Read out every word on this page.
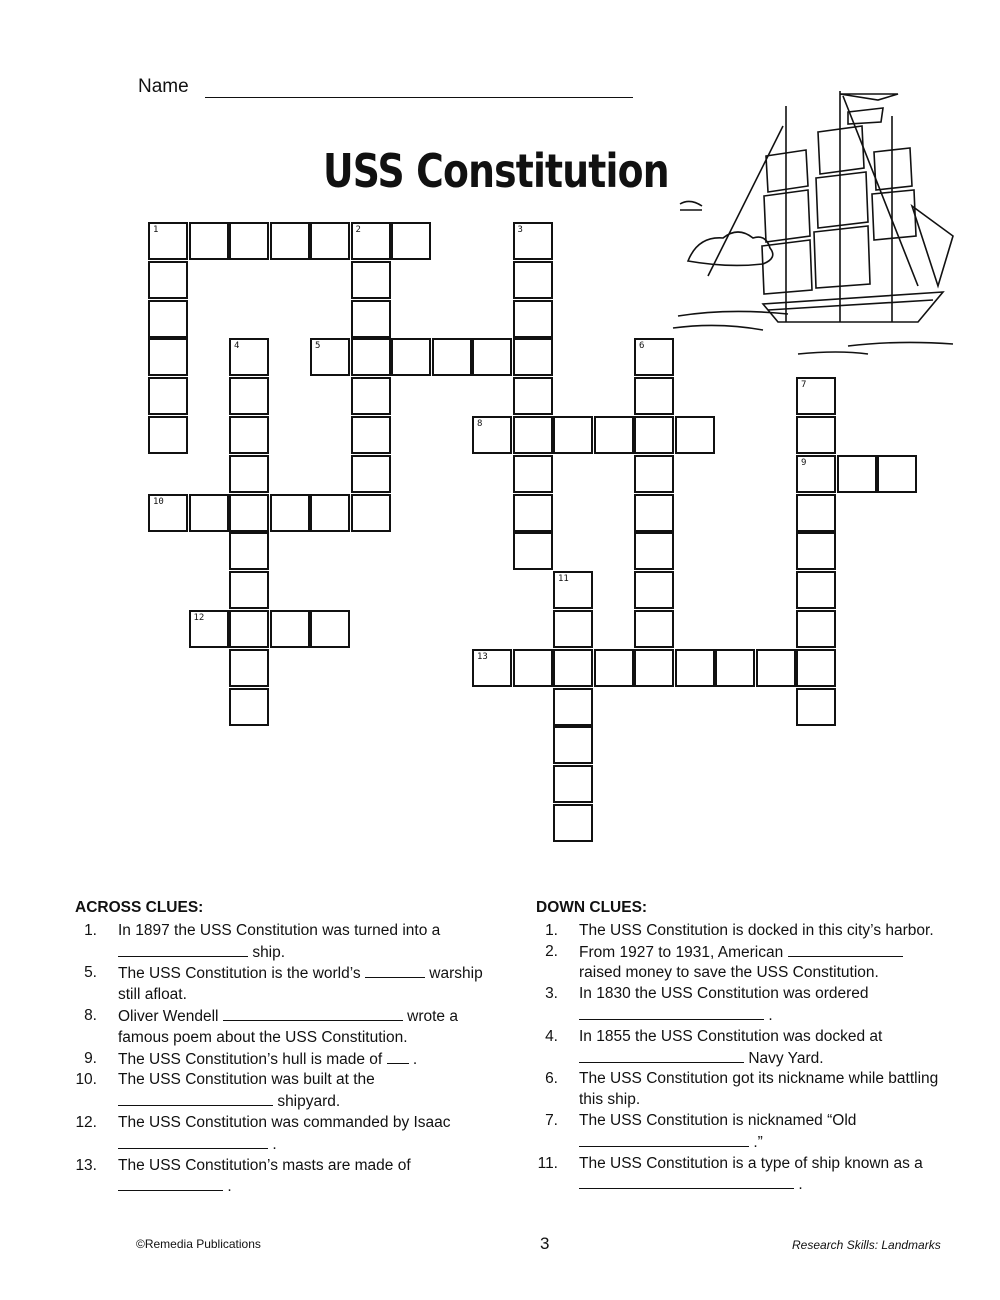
Name
USS Constitution
1	2	3
4	5	6
7
9
8
10
11
12
13
ACROSS CLUES:
1. In 1897 the USS Constitution was turned into a  ship.
5. The USS Constitution is the world’s	warship still afloat.
8. Oliver Wendell	wrote a famous poem about the USS Constitution.
9. The USS Constitution’s hull is made of .
10. The USS Constitution was built at the  shipyard.
12. The USS Constitution was commanded by Isaac  .
13. The USS Constitution’s masts are made of  .
DOWN CLUES:
1. The USS Constitution is docked in this city’s harbor.
2. From 1927 to 1931, American  raised money to save the USS Constitution.
3. In 1830 the USS Constitution was ordered  .
4. In 1855 the USS Constitution was docked at  Navy Yard.
6. The USS Constitution got its nickname while battling this ship.
7. The USS Constitution is nicknamed “Old  .”
11. The USS Constitution is a type of ship known as a  .
©Remedia Publications	3	Research Skills: Landmarks
